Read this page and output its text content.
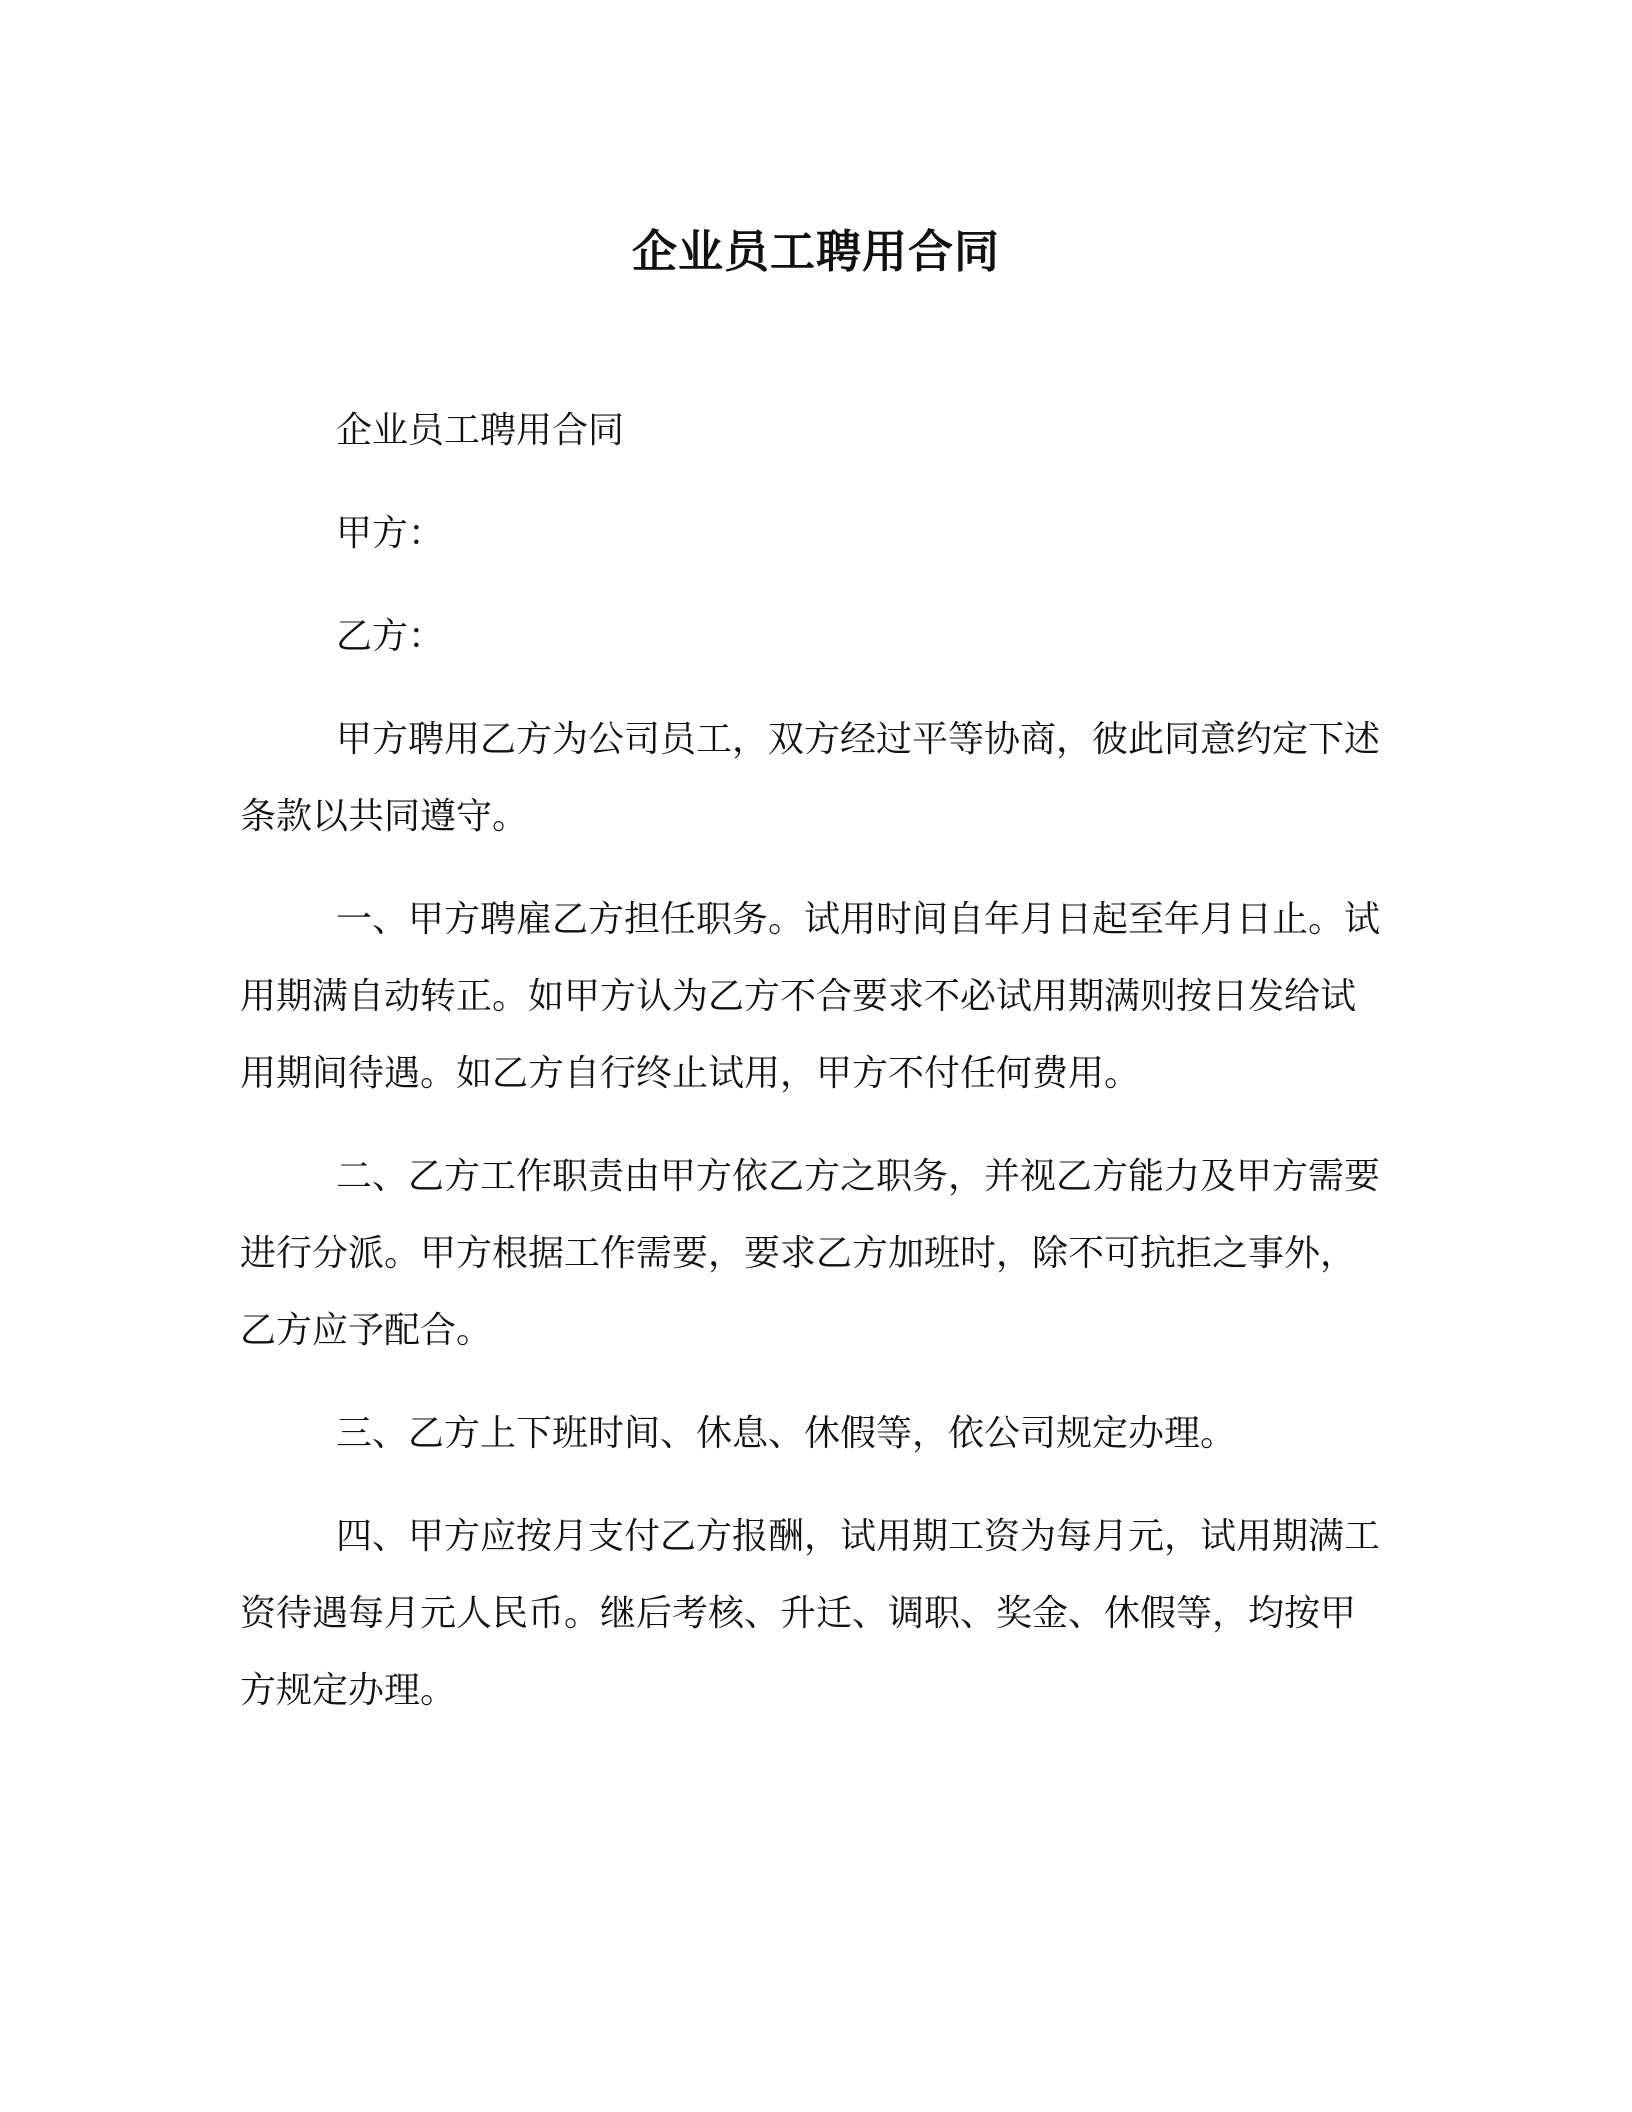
企业员工聘用合同

企业员工聘用合同

甲方：

乙方：

甲方聘用乙方为公司员工，双方经过平等协商，彼此同意约定下述条款以共同遵守。

一、甲方聘雇乙方担任职务。试用时间自年月日起至年月日止。试用期满自动转正。如甲方认为乙方不合要求不必试用期满则按日发给试用期间待遇。如乙方自行终止试用，甲方不付任何费用。

二、乙方工作职责由甲方依乙方之职务，并视乙方能力及甲方需要进行分派。甲方根据工作需要，要求乙方加班时，除不可抗拒之事外，乙方应予配合。

三、乙方上下班时间、休息、休假等，依公司规定办理。

四、甲方应按月支付乙方报酬，试用期工资为每月元，试用期满工资待遇每月元人民币。继后考核、升迁、调职、奖金、休假等，均按甲方规定办理。
